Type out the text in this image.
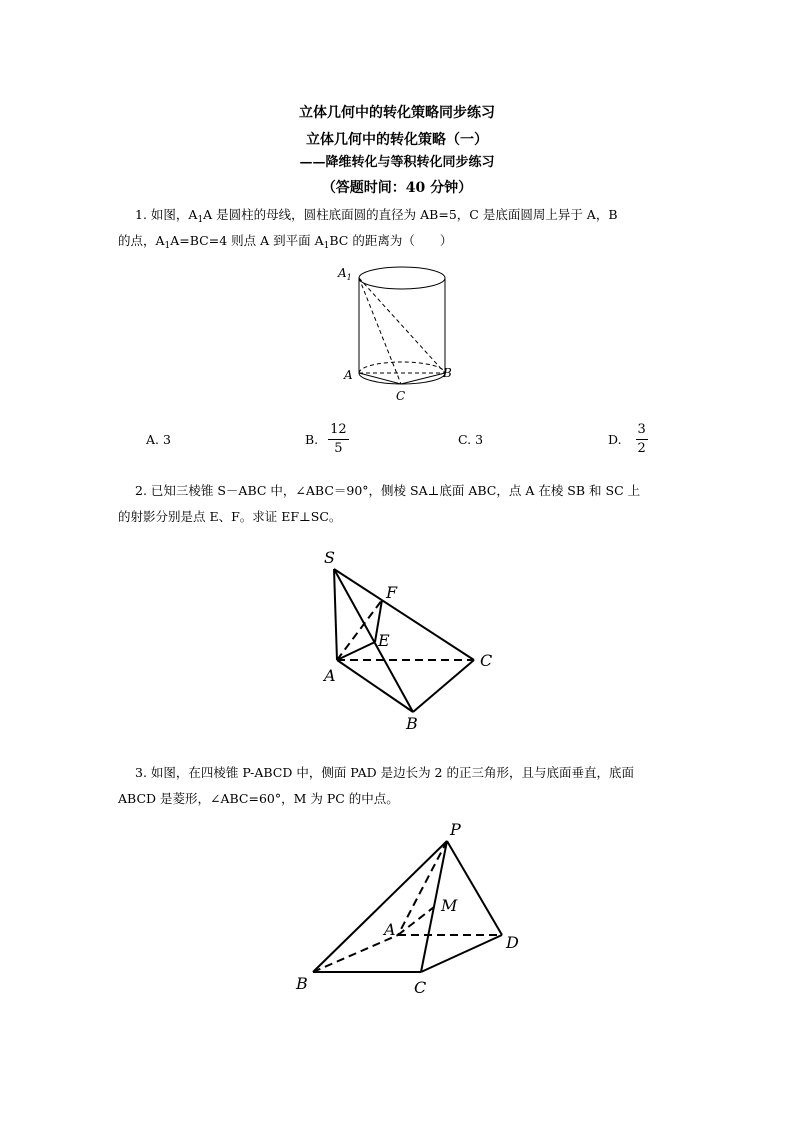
立体几何中的转化策略同步练习
立体几何中的转化策略（一）
——降维转化与等积转化同步练习
（答题时间：40 分钟）
1. 如图，$A_1A$ 是圆柱的母线，圆柱底面圆的直径为 AB=5，C 是底面圆周上异于 A，B
的点，$A_1A=BC=4$ 则点 A 到平面 $A_1BC$ 的距离为（　　）
$A_1$
A	B
C
A. 3	B. $\frac{12}{5}$	C. 3	D. $\frac{3}{2}$
2. 已知三棱锥 S－ABC 中，∠ABC＝90°，侧棱 SA⊥底面 ABC，点 A 在棱 SB 和 SC 上
的射影分别是点 E、F。求证 EF⊥SC。
S
F
E
A
C
B
3. 如图，在四棱锥 P-ABCD 中，侧面 PAD 是边长为 2 的正三角形，且与底面垂直，底面
ABCD 是菱形，∠ABC=60°，M 为 PC 的中点。
P
M
A
D
B	C
